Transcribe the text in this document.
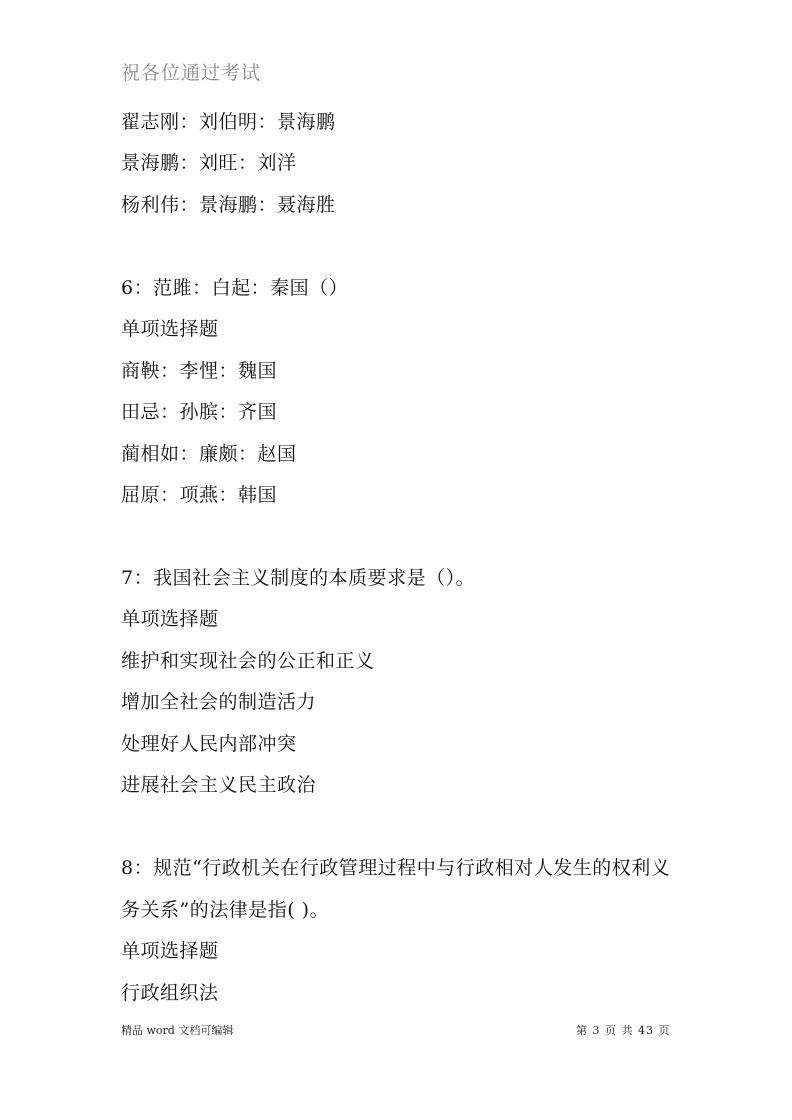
祝各位通过考试
翟志刚：刘伯明：景海鹏
景海鹏：刘旺：刘洋
杨利伟：景海鹏：聂海胜
6：范雎：白起：秦国（）
单项选择题
商鞅：李悝：魏国
田忌：孙膑：齐国
蔺相如：廉颇：赵国
屈原：项燕：韩国
7：我国社会主义制度的本质要求是（）。
单项选择题
维护和实现社会的公正和正义
增加全社会的制造活力
处理好人民内部冲突
进展社会主义民主政治
8：规范“行政机关在行政管理过程中与行政相对人发生的权利义
务关系”的法律是指( )。
单项选择题
行政组织法
精品 word 文档可编辑	第 3 页 共 43 页
